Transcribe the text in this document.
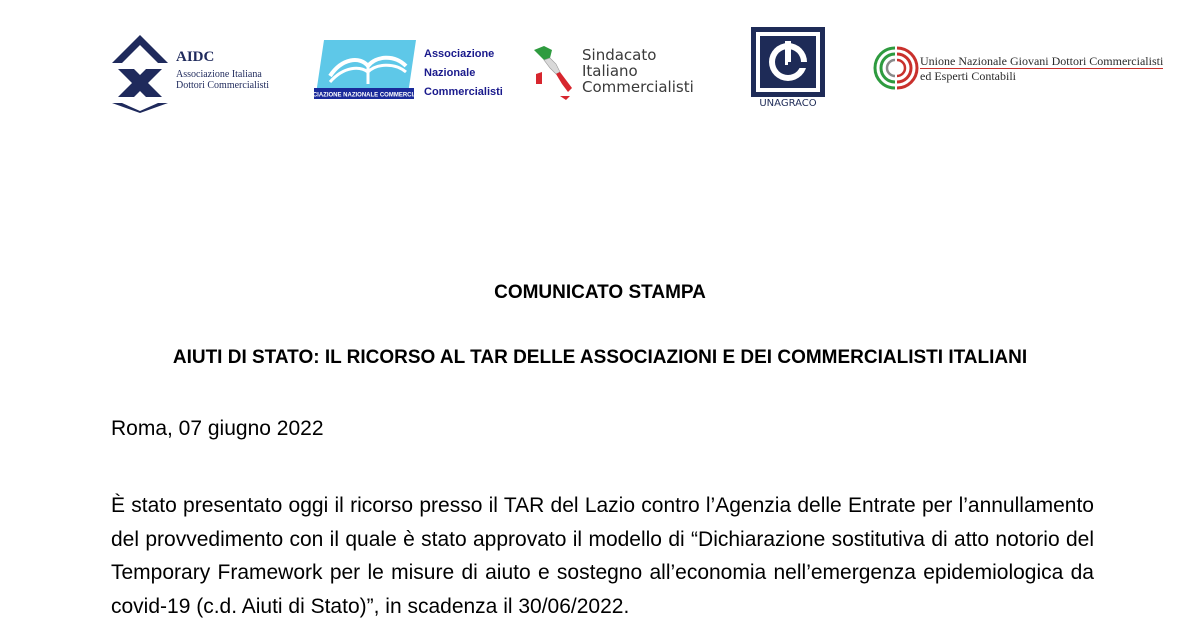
AIDC
Associazione Italiana
Dottori Commercialisti
ASSOCIAZIONE NAZIONALE COMMERCIALISTI
Associazione
Nazionale
Commercialisti
Sindacato
Italiano
Commercialisti
UNAGRACO
Unione Nazionale Giovani Dottori Commercialisti
ed Esperti Contabili
COMUNICATO STAMPA
AIUTI DI STATO: IL RICORSO AL TAR DELLE ASSOCIAZIONI E DEI COMMERCIALISTI ITALIANI
Roma, 07 giugno 2022
È stato presentato oggi il ricorso presso il TAR del Lazio contro l’Agenzia delle Entrate per l’annullamento del provvedimento con il quale è stato approvato il modello di “Dichiarazione sostitutiva di atto notorio del Temporary Framework per le misure di aiuto e sostegno all’economia nell’emergenza epidemiologica da covid-19 (c.d. Aiuti di Stato)”, in scadenza il 30/06/2022.
